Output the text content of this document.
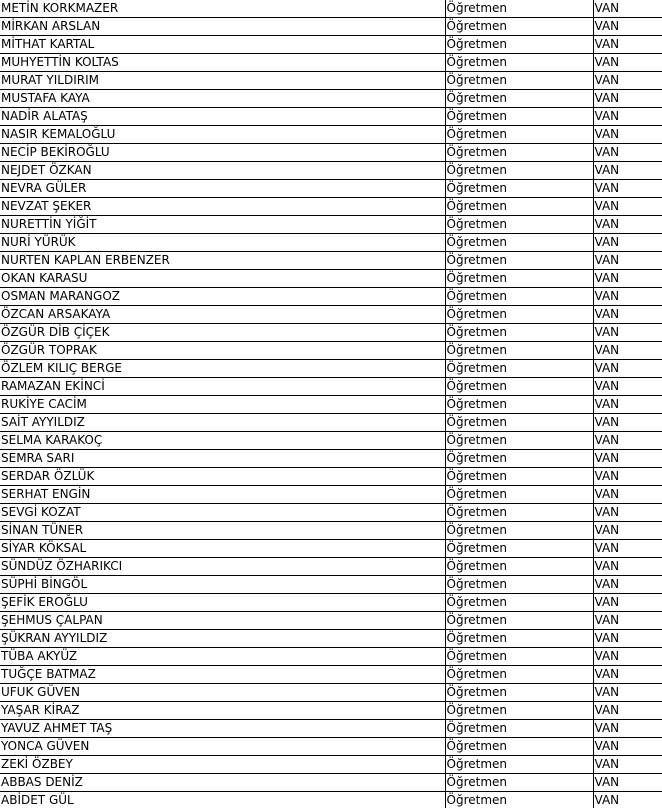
METİN KORKMAZER	Öğretmen	VAN
MİRKAN ARSLAN	Öğretmen	VAN
MİTHAT KARTAL	Öğretmen	VAN
MUHYETTİN KOLTAS	Öğretmen	VAN
MURAT YILDIRIM	Öğretmen	VAN
MUSTAFA KAYA	Öğretmen	VAN
NADİR ALATAŞ	Öğretmen	VAN
NASIR KEMALOĞLU	Öğretmen	VAN
NECİP BEKİROĞLU	Öğretmen	VAN
NEJDET ÖZKAN	Öğretmen	VAN
NEVRA GÜLER	Öğretmen	VAN
NEVZAT ŞEKER	Öğretmen	VAN
NURETTİN YİĞİT	Öğretmen	VAN
NURİ YÜRÜK	Öğretmen	VAN
NURTEN KAPLAN ERBENZER	Öğretmen	VAN
OKAN KARASU	Öğretmen	VAN
OSMAN MARANGOZ	Öğretmen	VAN
ÖZCAN ARSAKAYA	Öğretmen	VAN
ÖZGÜR DİB ÇİÇEK	Öğretmen	VAN
ÖZGÜR TOPRAK	Öğretmen	VAN
ÖZLEM KILIÇ BERGE	Öğretmen	VAN
RAMAZAN EKİNCİ	Öğretmen	VAN
RUKİYE CACİM	Öğretmen	VAN
SAİT AYYILDIZ	Öğretmen	VAN
SELMA KARAKOÇ	Öğretmen	VAN
SEMRA SARI	Öğretmen	VAN
SERDAR ÖZLÜK	Öğretmen	VAN
SERHAT ENGİN	Öğretmen	VAN
SEVGİ KOZAT	Öğretmen	VAN
SİNAN TÜNER	Öğretmen	VAN
SİYAR KÖKSAL	Öğretmen	VAN
SÜNDÜZ ÖZHARIKCI	Öğretmen	VAN
SÜPHİ BİNGÖL	Öğretmen	VAN
ŞEFİK EROĞLU	Öğretmen	VAN
ŞEHMUS ÇALPAN	Öğretmen	VAN
ŞÜKRAN AYYILDIZ	Öğretmen	VAN
TÜBA AKYÜZ	Öğretmen	VAN
TUĞÇE BATMAZ	Öğretmen	VAN
UFUK GÜVEN	Öğretmen	VAN
YAŞAR KİRAZ	Öğretmen	VAN
YAVUZ AHMET TAŞ	Öğretmen	VAN
YONCA GÜVEN	Öğretmen	VAN
ZEKİ ÖZBEY	Öğretmen	VAN
ABBAS DENİZ	Öğretmen	VAN
ABİDET GÜL	Öğretmen	VAN
